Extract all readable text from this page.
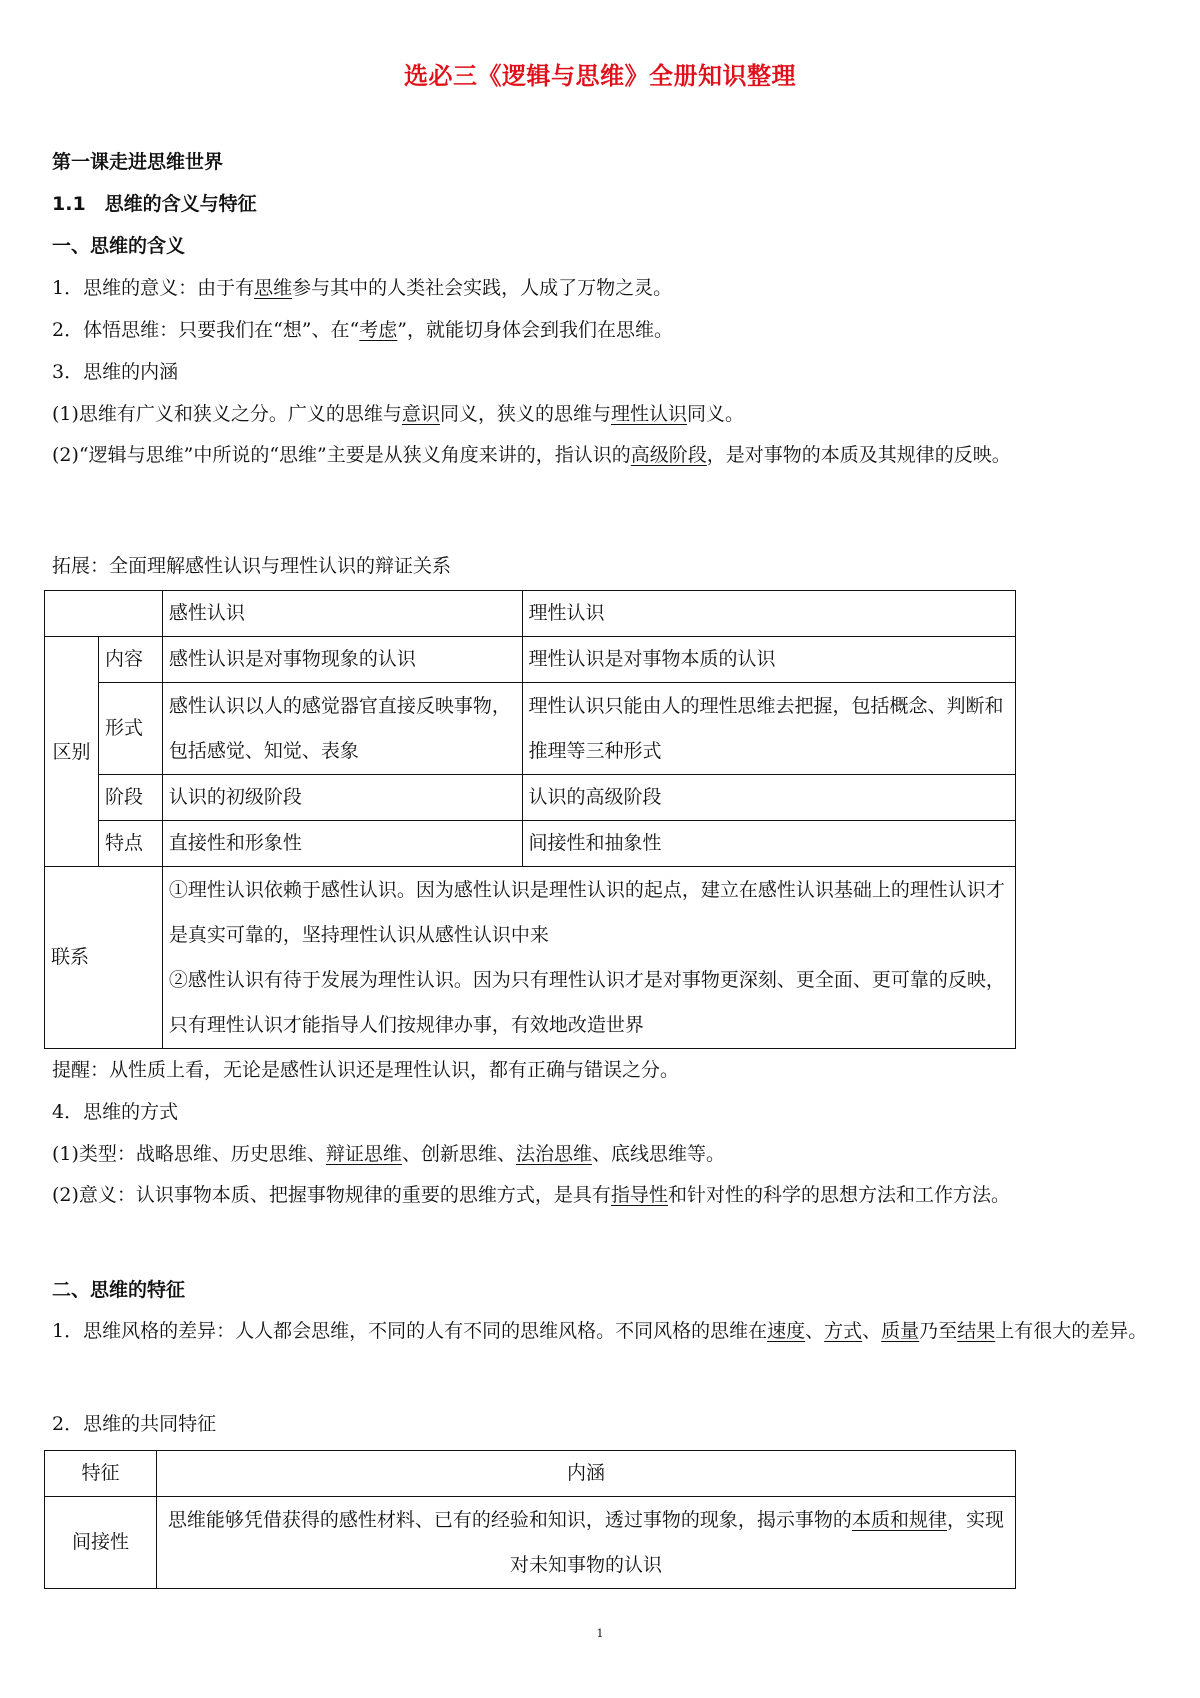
选必三《逻辑与思维》全册知识整理
第一课走进思维世界
1.1　思维的含义与特征
一、思维的含义
1．思维的意义：由于有思维参与其中的人类社会实践，人成了万物之灵。
2．体悟思维：只要我们在“想”、在“考虑”，就能切身体会到我们在思维。
3．思维的内涵
(1)思维有广义和狭义之分。广义的思维与意识同义，狭义的思维与理性认识同义。
(2)“逻辑与思维”中所说的“思维”主要是从狭义角度来讲的，指认识的高级阶段，是对事物的本质及其规律的反映。
拓展：全面理解感性认识与理性认识的辩证关系
		感性认识	理性认识
区别	内容	感性认识是对事物现象的认识	理性认识是对事物本质的认识
	形式	感性认识以人的感觉器官直接反映事物，包括感觉、知觉、表象	理性认识只能由人的理性思维去把握，包括概念、判断和推理等三种形式
	阶段	认识的初级阶段	认识的高级阶段
	特点	直接性和形象性	间接性和抽象性
联系		①理性认识依赖于感性认识。因为感性认识是理性认识的起点，建立在感性认识基础上的理性认识才是真实可靠的，坚持理性认识从感性认识中来
②感性认识有待于发展为理性认识。因为只有理性认识才是对事物更深刻、更全面、更可靠的反映，只有理性认识才能指导人们按规律办事，有效地改造世界	
提醒：从性质上看，无论是感性认识还是理性认识，都有正确与错误之分。
4．思维的方式
(1)类型：战略思维、历史思维、辩证思维、创新思维、法治思维、底线思维等。
(2)意义：认识事物本质、把握事物规律的重要的思维方式，是具有指导性和针对性的科学的思想方法和工作方法。
二、思维的特征
1．思维风格的差异：人人都会思维，不同的人有不同的思维风格。不同风格的思维在速度、方式、质量乃至结果上有很大的差异。
2．思维的共同特征
特征	内涵
间接性	思维能够凭借获得的感性材料、已有的经验和知识，透过事物的现象，揭示事物的本质和规律，实现对未知事物的认识
1
